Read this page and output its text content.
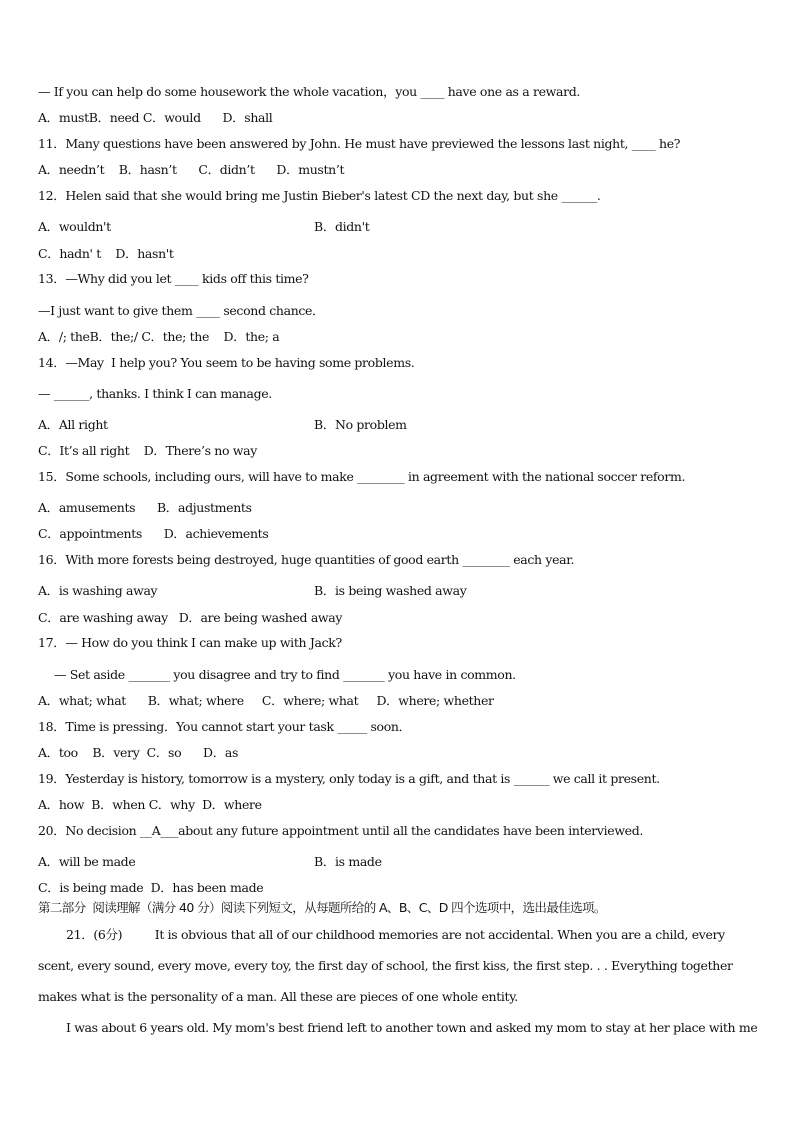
— If you can help do some housework the whole vacation，you ____ have one as a reward.
A．mustB．need C．would      D．shall
11．Many questions have been answered by John. He must have previewed the lessons last night, ____ he?
A．needn’t    B．hasn’t      C．didn’t      D．mustn’t
12．Helen said that she would bring me Justin Bieber's latest CD the next day, but she ______.
A．wouldn't	B．didn't
C．hadn' t    D．hasn't
13．—Why did you let ____ kids off this time?
—I just want to give them ____ second chance．
A．/; theB．the;/ C．the; the    D．the; a
14．—May  I help you? You seem to be having some problems.
— ______, thanks. I think I can manage.
A．All right	B．No problem
C．It’s all right    D．There’s no way
15．Some schools, including ours, will have to make ________ in agreement with the national soccer reform.
A．amusements      B．adjustments
C．appointments      D．achievements
16．With more forests being destroyed, huge quantities of good earth ________ each year.
A．is washing away	B．is being washed away
C．are washing away   D．are being washed away
17．— How do you think I can make up with Jack?
— Set aside _______ you disagree and try to find _______ you have in common.
A．what; what      B．what; where     C．where; what     D．where; whether
18．Time is pressing．You cannot start your task _____ soon．
A．too    B．very  C．so      D．as
19．Yesterday is history, tomorrow is a mystery, only today is a gift, and that is ______ we call it present.
A．how  B．when C．why  D．where
20．No decision __A___about any future appointment until all the candidates have been interviewed.
A．will be made	B．is made
C．is being made  D．has been made
第二部分  阅读理解（满分 40 分）阅读下列短文，从每题所给的 A、B、C、D 四个选项中，选出最佳选项。
21．(6分)         It is obvious that all of our childhood memories are not accidental. When you are a child, every
scent, every sound, every move, every toy, the first day of school, the first kiss, the first step. . . Everything together
makes what is the personality of a man. All these are pieces of one whole entity.
I was about 6 years old. My mom's best friend left to another town and asked my mom to stay at her place with me
